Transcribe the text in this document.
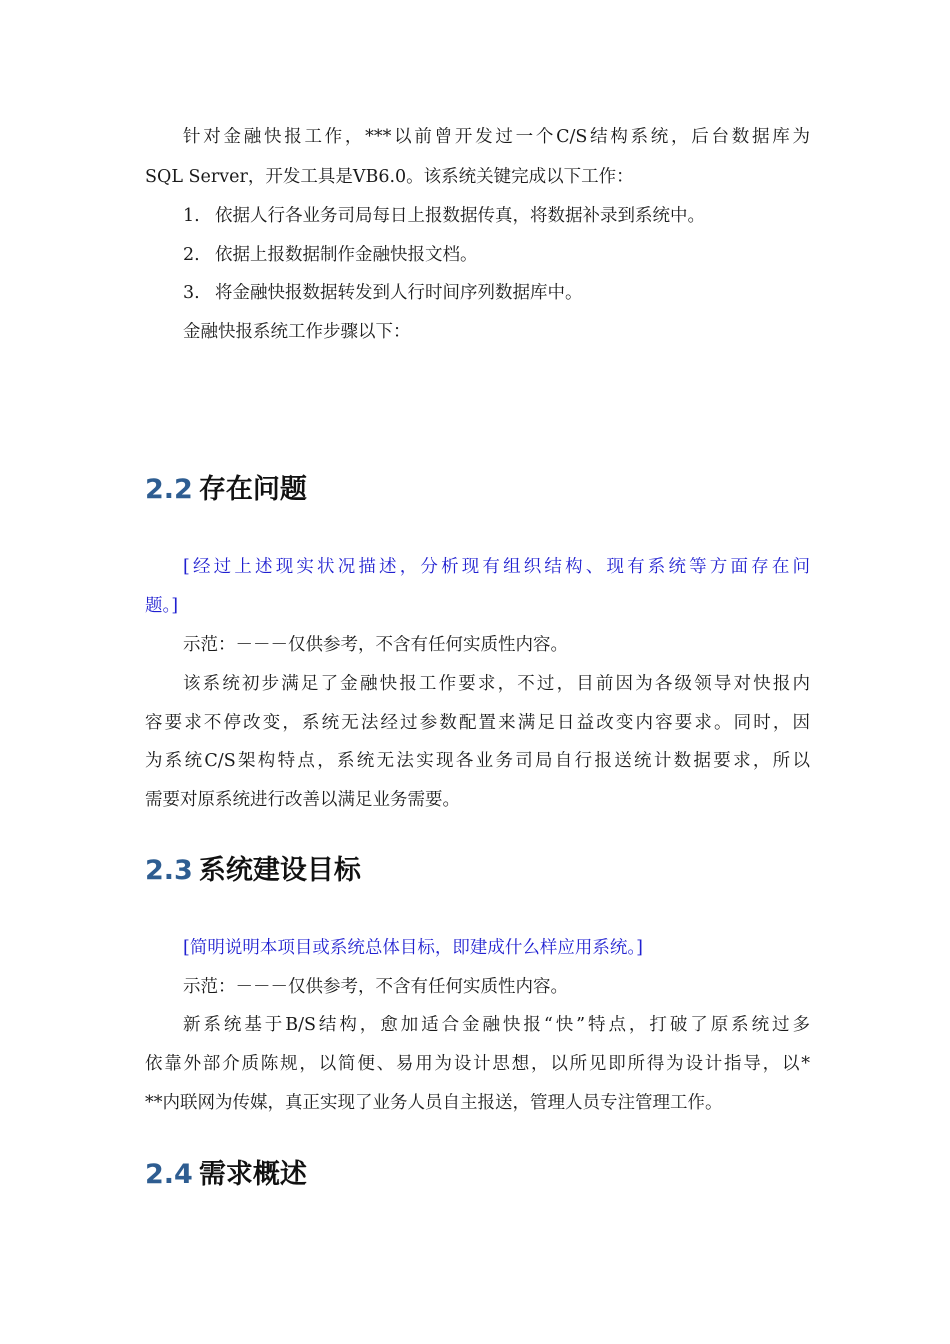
针对金融快报工作，***以前曾开发过一个C/S结构系统，后台数据库为
SQL Server，开发工具是VB6.0。该系统关键完成以下工作：
1. 依据人行各业务司局每日上报数据传真，将数据补录到系统中。
2. 依据上报数据制作金融快报文档。
3. 将金融快报数据转发到人行时间序列数据库中。
金融快报系统工作步骤以下：
2.2 存在问题
[经过上述现实状况描述，分析现有组织结构、现有系统等方面存在问
题。]
示范：－－－仅供参考，不含有任何实质性内容。
该系统初步满足了金融快报工作要求，不过，目前因为各级领导对快报内
容要求不停改变，系统无法经过参数配置来满足日益改变内容要求。同时，因
为系统C/S架构特点，系统无法实现各业务司局自行报送统计数据要求，所以
需要对原系统进行改善以满足业务需要。
2.3 系统建设目标
[简明说明本项目或系统总体目标，即建成什么样应用系统。]
示范：－－－仅供参考，不含有任何实质性内容。
新系统基于B/S结构，愈加适合金融快报“快”特点，打破了原系统过多
依靠外部介质陈规，以简便、易用为设计思想，以所见即所得为设计指导，以*
**内联网为传媒，真正实现了业务人员自主报送，管理人员专注管理工作。
2.4 需求概述
